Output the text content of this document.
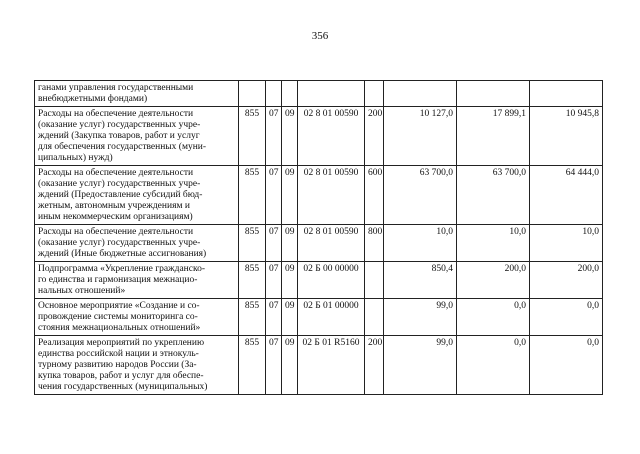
356
ганами управления государственными
внебюджетными фондами)								

Расходы на обеспечение деятельности
(оказание услуг) государственных учре-
ждений (Закупка товаров, работ и услуг
для обеспечения государственных (муни-
ципальных) нужд)	855	07	09	02 8 01 00590	200	10 127,0	17 899,1	10 945,8

Расходы на обеспечение деятельности
(оказание услуг) государственных учре-
ждений (Предоставление субсидий бюд-
жетным, автономным учреждениям и
иным некоммерческим организациям)	855	07	09	02 8 01 00590	600	63 700,0	63 700,0	64 444,0

Расходы на обеспечение деятельности
(оказание услуг) государственных учре-
ждений (Иные бюджетные ассигнования)	855	07	09	02 8 01 00590	800	10,0	10,0	10,0

Подпрограмма «Укрепление гражданско-
го единства и гармонизация межнацио-
нальных отношений»	855	07	09	02 Б 00 00000		850,4	200,0	200,0

Основное мероприятие «Создание и со-
провождение системы мониторинга со-
стояния межнациональных отношений»	855	07	09	02 Б 01 00000		99,0	0,0	0,0

Реализация мероприятий по укреплению
единства российской нации и этнокуль-
турному развитию народов России (За-
купка товаров, работ и услуг для обеспе-
чения государственных (муниципальных)	855	07	09	02 Б 01 R5160	200	99,0	0,0	0,0
